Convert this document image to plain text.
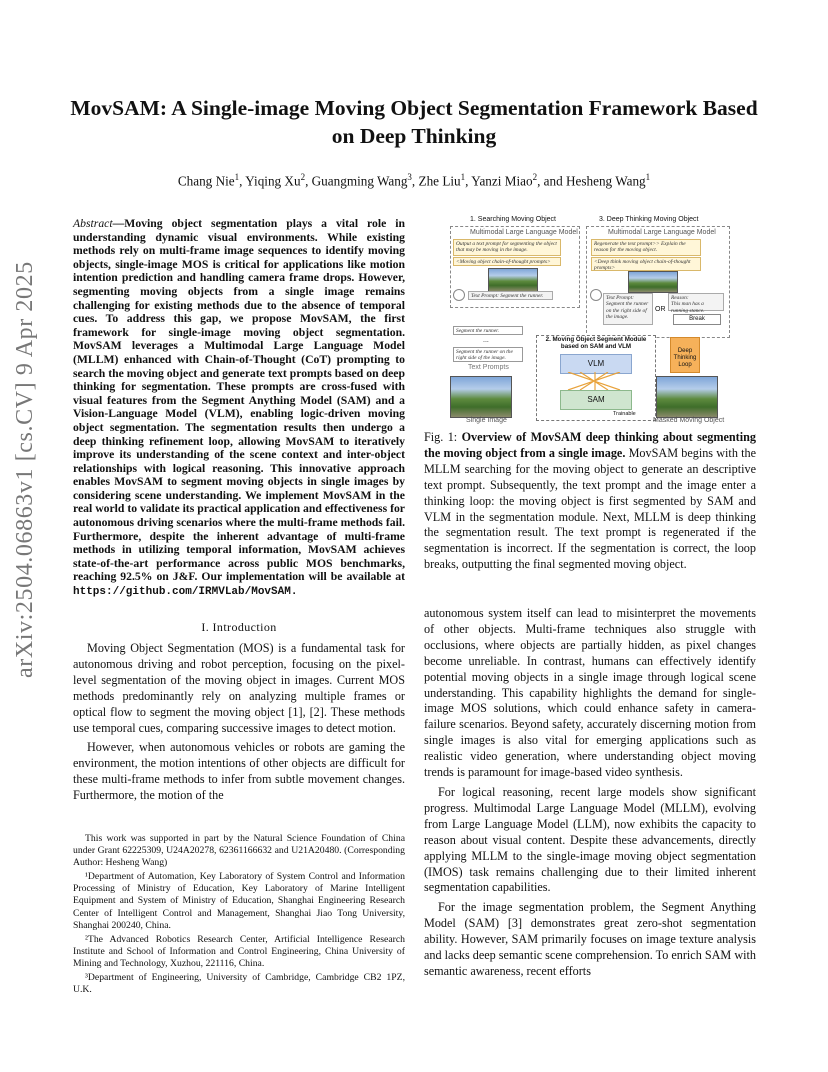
arXiv:2504.06863v1 [cs.CV] 9 Apr 2025
MovSAM: A Single-image Moving Object Segmentation Framework Based on Deep Thinking
Chang Nie$^1$, Yiqing Xu$^2$, Guangming Wang$^3$, Zhe Liu$^1$, Yanzi Miao$^2$, and Hesheng Wang$^1$
Abstract—Moving object segmentation plays a vital role in understanding dynamic visual environments. While existing methods rely on multi-frame image sequences to identify moving objects, single-image MOS is critical for applications like motion intention prediction and handling camera frame drops. However, segmenting moving objects from a single image remains challenging for existing methods due to the absence of temporal cues. To address this gap, we propose MovSAM, the first framework for single-image moving object segmentation. MovSAM leverages a Multimodal Large Language Model (MLLM) enhanced with Chain-of-Thought (CoT) prompting to search the moving object and generate text prompts based on deep thinking for segmentation. These prompts are cross-fused with visual features from the Segment Anything Model (SAM) and a Vision-Language Model (VLM), enabling logic-driven moving object segmentation. The segmentation results then undergo a deep thinking refinement loop, allowing MovSAM to iteratively improve its understanding of the scene context and inter-object relationships with logical reasoning. This innovative approach enables MovSAM to segment moving objects in single images by considering scene understanding. We implement MovSAM in the real world to validate its practical application and effectiveness for autonomous driving scenarios where the multi-frame methods fail. Furthermore, despite the inherent advantage of multi-frame methods in utilizing temporal information, MovSAM achieves state-of-the-art performance across public MOS benchmarks, reaching 92.5% on J&F. Our implementation will be available at https://github.com/IRMVLab/MovSAM.
I. Introduction

Moving Object Segmentation (MOS) is a fundamental task for autonomous driving and robot perception, focusing on the pixel-level segmentation of the moving object in images. Current MOS methods predominantly rely on analyzing multiple frames or optical flow to segment the moving object [1], [2]. These methods use temporal cues, comparing successive images to detect motion.

However, when autonomous vehicles or robots are gaming the environment, the motion intentions of other objects are difficult for these multi-frame methods to infer from subtle movement changes. Furthermore, the motion of the

This work was supported in part by the Natural Science Foundation of China under Grant 62225309, U24A20278, 62361166632 and U21A20480. (Corresponding Author: Hesheng Wang)

¹Department of Automation, Key Laboratory of System Control and Information Processing of Ministry of Education, Key Laboratory of Marine Intelligent Equipment and System of Ministry of Education, Shanghai Engineering Research Center of Intelligent Control and Management, Shanghai Jiao Tong University, Shanghai 200240, China.

²The Advanced Robotics Research Center, Artificial Intelligence Research Institute and School of Information and Control Engineering, China University of Mining and Technology, Xuzhou, 221116, China.

³Department of Engineering, University of Cambridge, Cambridge CB2 1PZ, U.K.

1. Searching Moving Object	3. Deep Thinking Moving Object
Multimodal Large Language Model
Output a text prompt for segmenting the object that may be moving in the image.
<Moving object chain-of-thought prompts>
Text Prompt: Segment the runner.
Multimodal Large Language Model
Regenerate the text prompt>> Explain the reason for the moving object.
<Deep think moving object chain-of-thought prompts>
Text Prompt:
Segment the runner on the right side of the image.
OR
Reason:
This man has a running stance.
Break
Segment the runner.
...
Segment the runner on the right side of the image.
Text Prompts
2. Moving Object Segment Module based on SAM and VLM
VLM
SAM
Trainable
Deep Thinking Loop
Single Image	Masked Moving Object
Fig. 1: Overview of MovSAM deep thinking about segmenting the moving object from a single image. MovSAM begins with the MLLM searching for the moving object to generate an descriptive text prompt. Subsequently, the text prompt and the image enter a thinking loop: the moving object is first segmented by SAM and VLM in the segmentation module. Next, MLLM is deep thinking the segmentation result. The text prompt is regenerated if the segmentation is incorrect. If the segmentation is correct, the loop breaks, outputting the final segmented moving object.

autonomous system itself can lead to misinterpret the movements of other objects. Multi-frame techniques also struggle with occlusions, where objects are partially hidden, as pixel changes become unreliable. In contrast, humans can effectively identify potential moving objects in a single image through logical scene understanding. This capability highlights the demand for single-image MOS solutions, which could enhance safety in camera-failure scenarios. Beyond safety, accurately discerning motion from single images is also vital for emerging applications such as realistic video generation, where understanding object moving trends is paramount for image-based video synthesis.

For logical reasoning, recent large models show significant progress. Multimodal Large Language Model (MLLM), evolving from Large Language Model (LLM), now exhibits the capacity to reason about visual content. Despite these advancements, directly applying MLLM to the single-image moving object segmentation (IMOS) task remains challenging due to their limited inherent segmentation capabilities.

For the image segmentation problem, the Segment Anything Model (SAM) [3] demonstrates great zero-shot segmentation ability. However, SAM primarily focuses on image texture analysis and lacks deep semantic scene comprehension. To enrich SAM with semantic awareness, recent efforts
